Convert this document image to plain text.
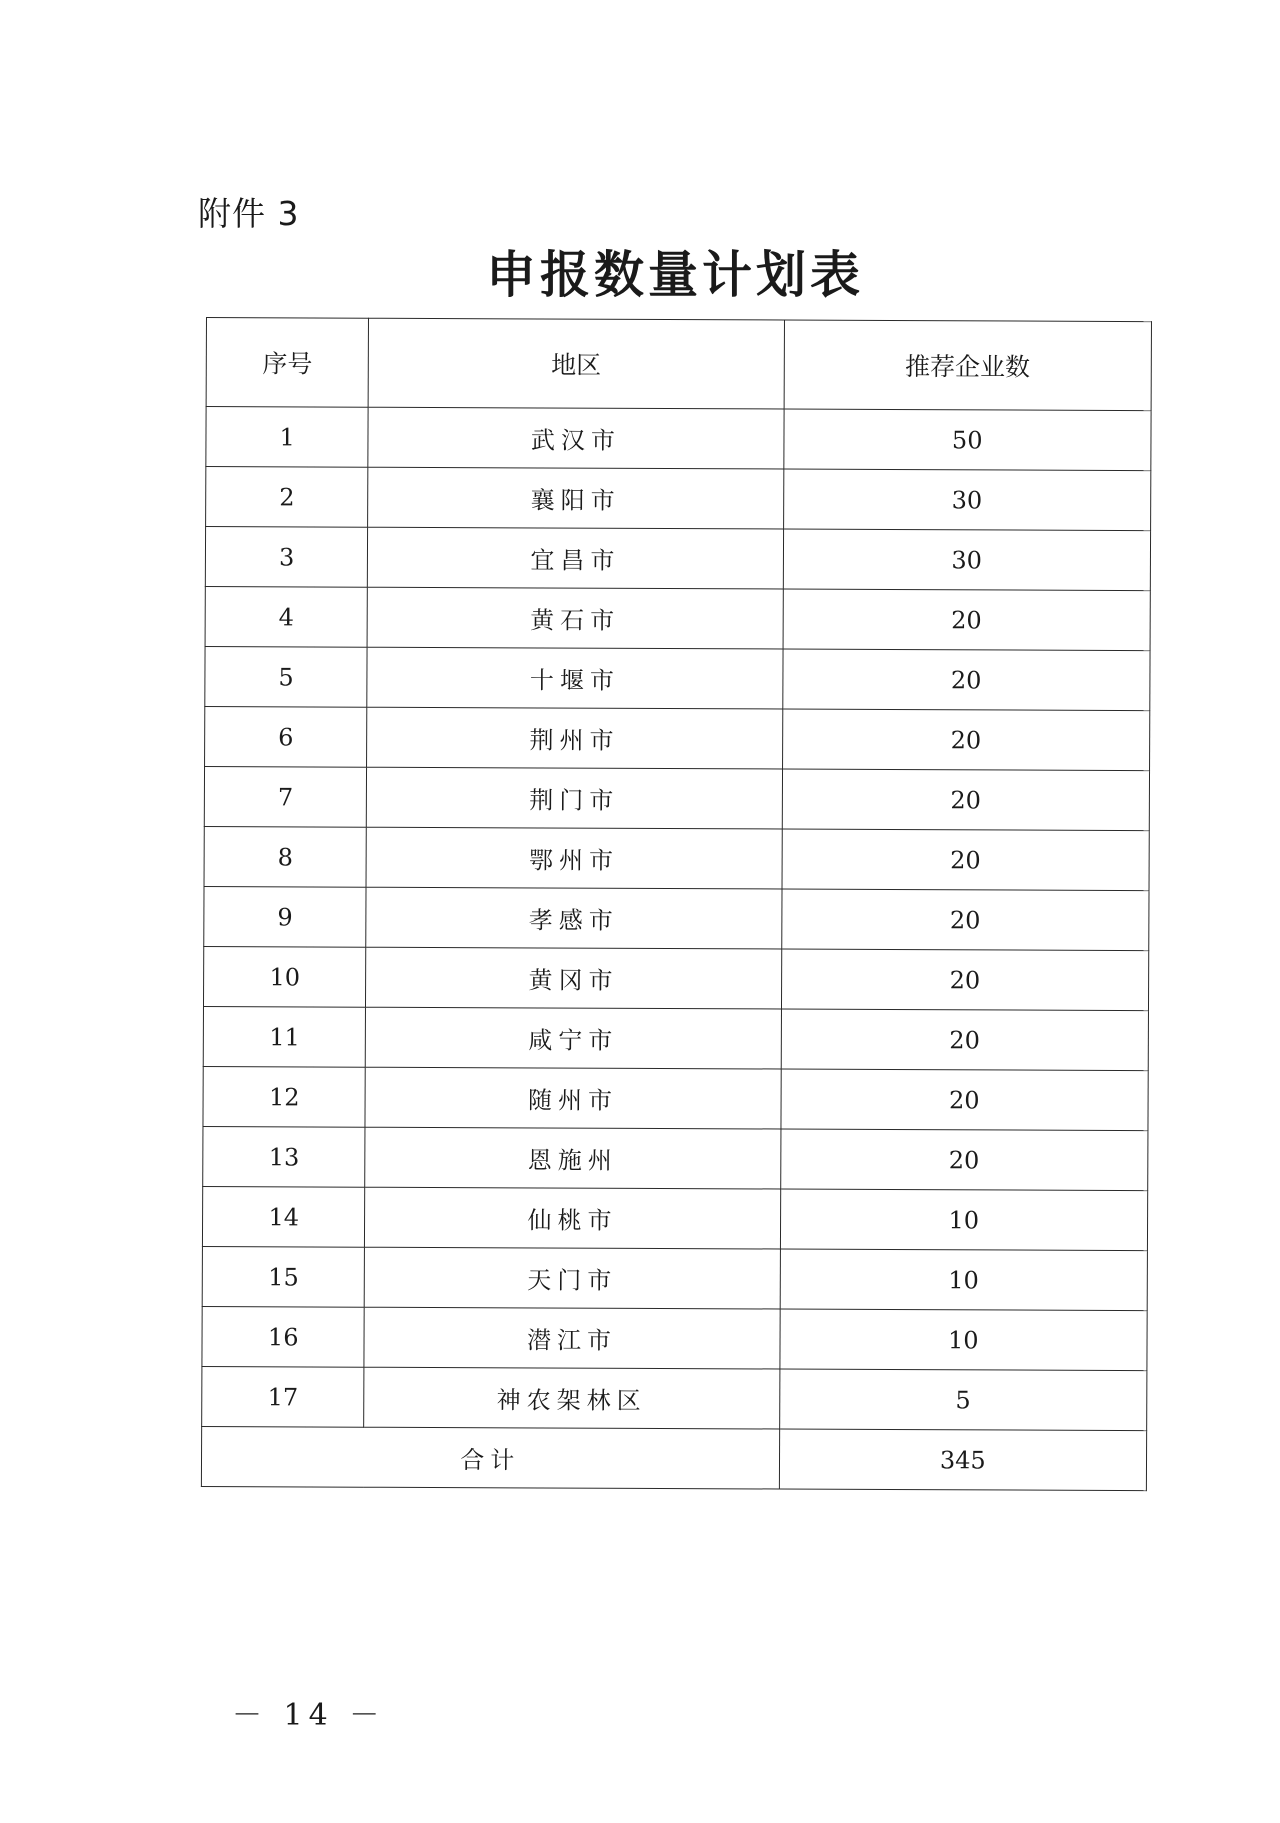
附件 3
申报数量计划表
序号	地区	推荐企业数
1	武汉市	50
2	襄阳市	30
3	宜昌市	30
4	黄石市	20
5	十堰市	20
6	荆州市	20
7	荆门市	20
8	鄂州市	20
9	孝感市	20
10	黄冈市	20
11	咸宁市	20
12	随州市	20
13	恩施州	20
14	仙桃市	10
15	天门市	10
16	潜江市	10
17	神农架林区	5
合计		345
－ 14 －
